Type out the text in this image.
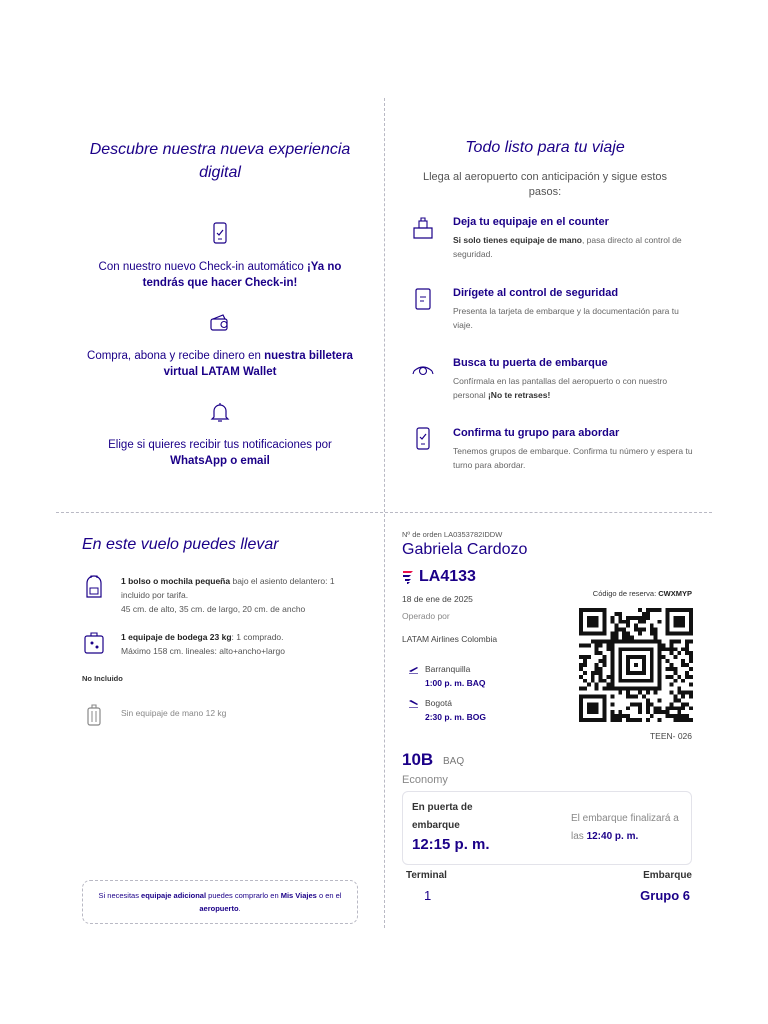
Descubre nuestra nueva experiencia digital
Con nuestro nuevo Check-in automático ¡Ya no tendrás que hacer Check-in!
Compra, abona y recibe dinero en nuestra billetera virtual LATAM Wallet
Elige si quieres recibir tus notificaciones por WhatsApp o email
Todo listo para tu viaje
Llega al aeropuerto con anticipación y sigue estos pasos:
Deja tu equipaje en el counter
Si solo tienes equipaje de mano, pasa directo al control de seguridad.
Dirígete al control de seguridad
Presenta la tarjeta de embarque y la documentación para tu viaje.
Busca tu puerta de embarque
Confírmala en las pantallas del aeropuerto o con nuestro personal ¡No te retrases!
Confirma tu grupo para abordar
Tenemos grupos de embarque. Confirma tu número y espera tu turno para abordar.
En este vuelo puedes llevar
1 bolso o mochila pequeña bajo el asiento delantero: 1 incluido por tarifa.
45 cm. de alto, 35 cm. de largo, 20 cm. de ancho
1 equipaje de bodega 23 kg: 1 comprado.
Máximo 158 cm. lineales: alto+ancho+largo
No Incluido
Sin equipaje de mano 12 kg
Si necesitas equipaje adicional puedes comprarlo en Mis Viajes o en el aeropuerto.
Nº de orden LA0353782IDDW
Gabriela Cardozo
LA4133
18 de ene de 2025
Operado por
LATAM Airlines Colombia
Barranquilla
1:00 p. m. BAQ
Bogotá
2:30 p. m. BOG
Código de reserva: CWXMYP
TEEN- 026
10B BAQ
Economy
En puerta de embarque
12:15 p. m.
El embarque finalizará a las 12:40 p. m.
Terminal
1
Embarque
Grupo 6
